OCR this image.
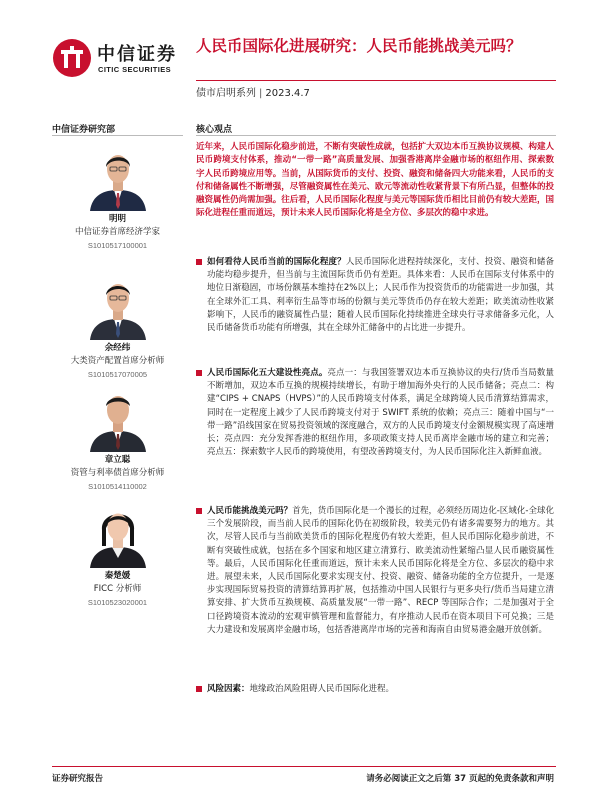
中信证券
CITIC SECURITIES
人民币国际化进展研究：人民币能挑战美元吗？
债市启明系列 | 2023.4.7
中信证券研究部
明明
中信证券首席经济学家
S1010517100001
余经纬
大类资产配置首席分析师
S1010517070005
章立聪
资管与利率债首席分析师
S1010514110002
秦楚媛
FICC 分析师
S1010523020001
核心观点
近年来，人民币国际化稳步前进，不断有突破性成就，包括扩大双边本币互换协议规模、构建人民币跨境支付体系，推动“一带一路”高质量发展、加强香港离岸金融市场的枢纽作用、探索数字人民币跨境应用等。当前，从国际货币的支付、投资、融资和储备四大功能来看，人民币的支付和储备属性不断增强，尽管融资属性在美元、欧元等流动性收紧背景下有所凸显，但整体的投融资属性仍尚需加强。往后看，人民币国际化程度与美元等国际货币相比目前仍有较大差距，国际化进程任重而道远，预计未来人民币国际化将是全方位、多层次的稳中求进。
如何看待人民币当前的国际化程度？人民币国际化进程持续深化，支付、投资、融资和储备功能均稳步提升，但当前与主流国际货币仍有差距。具体来看：人民币在国际支付体系中的地位日渐稳固，市场份额基本维持在2%以上；人民币作为投资货币的功能需进一步加强，其在全球外汇工具、利率衍生品等市场的份额与美元等货币仍存在较大差距；欧美流动性收紧影响下，人民币的融资属性凸显；随着人民币国际化持续推进全球央行寻求储备多元化，人民币储备货币功能有所增强，其在全球外汇储备中的占比进一步提升。
人民币国际化五大建设性亮点。亮点一：与我国签署双边本币互换协议的央行/货币当局数量不断增加，双边本币互换的规模持续增长，有助于增加海外央行的人民币储备；亮点二：构建“CIPS + CNAPS（HVPS）”的人民币跨境支付体系，满足全球跨境人民币清算结算需求，同时在一定程度上减少了人民币跨境支付对于 SWIFT 系统的依赖；亮点三：随着中国与“一带一路”沿线国家在贸易投资领域的深度融合，双方的人民币跨境支付金额规模实现了高速增长；亮点四：充分发挥香港的枢纽作用，多项政策支持人民币离岸金融市场的建立和完善；亮点五：探索数字人民币的跨境使用，有望改善跨境支付，为人民币国际化注入新鲜血液。
人民币能挑战美元吗？首先，货币国际化是一个漫长的过程，必须经历周边化-区域化-全球化三个发展阶段，而当前人民币的国际化仍在初级阶段，较美元仍有诸多需要努力的地方。其次，尽管人民币与当前欧美货币的国际化程度仍有较大差距，但人民币国际化稳步前进，不断有突破性成就，包括在多个国家和地区建立清算行、欧美流动性紧缩凸显人民币融资属性等。最后，人民币国际化任重而道远，预计未来人民币国际化将是全方位、多层次的稳中求进。展望未来，人民币国际化要求实现支付、投资、融资、储备功能的全方位提升，一是逐步实现国际贸易投资的清算结算再扩展，包括推动中国人民银行与更多央行/货币当局建立清算安排、扩大货币互换规模、高质量发展“一带一路”、RECP 等国际合作；二是加强对于全口径跨境资本流动的宏观审慎管理和监督能力，有序推动人民币在资本项目下可兑换；三是大力建设和发展离岸金融市场，包括香港离岸市场的完善和海南自由贸易港金融开放创新。
风险因素：地缘政治风险阻碍人民币国际化进程。
证券研究报告	请务必阅读正文之后第 37 页起的免责条款和声明
